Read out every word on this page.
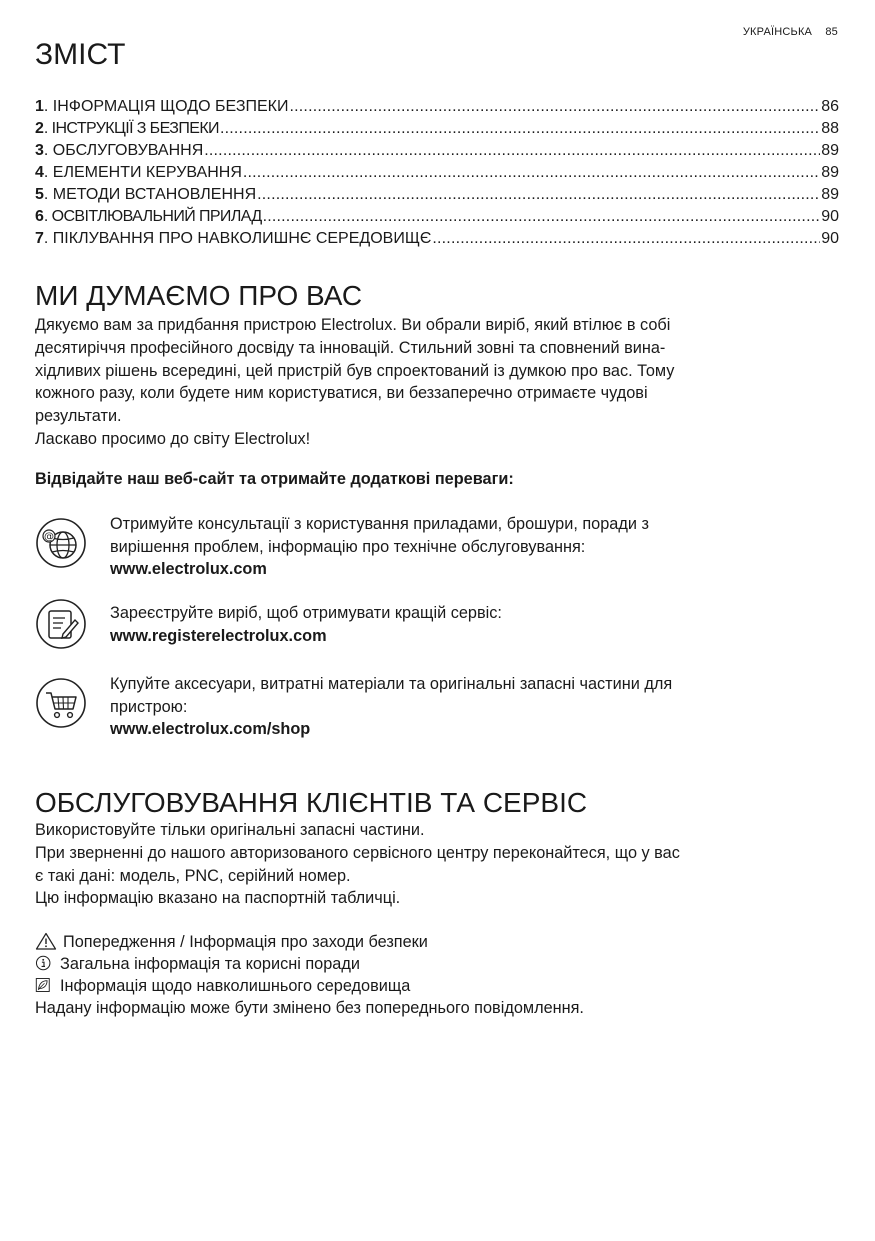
УКРАЇНСЬКА 85
ЗМІСТ
1 . ІНФОРМАЦІЯ ЩОДО БЕЗПЕКИ .....	86
2 . ІНСТРУКЦІЇ З БЕЗПЕКИ .....	88
3 . ОБСЛУГОВУВАННЯ .....	89
4 . ЕЛЕМЕНТИ КЕРУВАННЯ .....	89
5 . МЕТОДИ ВСТАНОВЛЕННЯ .....	89
6 . ОСВІТЛЮВАЛЬНИЙ ПРИЛАД .....	90
7 . ПІКЛУВАННЯ ПРО НАВКОЛИШНЄ СЕРЕДОВИЩЄ .....	90
МИ ДУМАЄМО ПРО ВАС
Дякуємо вам за придбання пристрою Electrolux. Ви обрали виріб, який втілює в собі
десятиріччя професійного досвіду та інновацій. Стильний зовні та сповнений вина-
хідливих рішень всередині, цей пристрій був спроектований із думкою про вас. Тому
кожного разу, коли будете ним користуватися, ви беззаперечно отримаєте чудові
результати.
Ласкаво просимо до світу Electrolux!
Відвідайте наш веб-сайт та отримайте додаткові переваги:
@
Отримуйте консультації з користування приладами, брошури, поради з
вирішення проблем, інформацію про технічне обслуговування:
www.electrolux.com
Зареєструйте виріб, щоб отримувати кращій сервіс:
www.registerelectrolux.com
Купуйте аксесуари, витратні матеріали та оригінальні запасні частини для
пристрою:
www.electrolux.com/shop
ОБСЛУГОВУВАННЯ КЛІЄНТІВ ТА СЕРВІС
Використовуйте тільки оригінальні запасні частини.
При зверненні до нашого авторизованого сервісного центру переконайтеся, що у вас
є такі дані: модель, PNC, серійний номер.
Цю інформацію вказано на паспортній табличці.
Попередження / Інформація про заходи безпеки
Загальна інформація та корисні поради
Інформація щодо навколишнього середовища
Надану інформацію може бути змінено без попереднього повідомлення.
